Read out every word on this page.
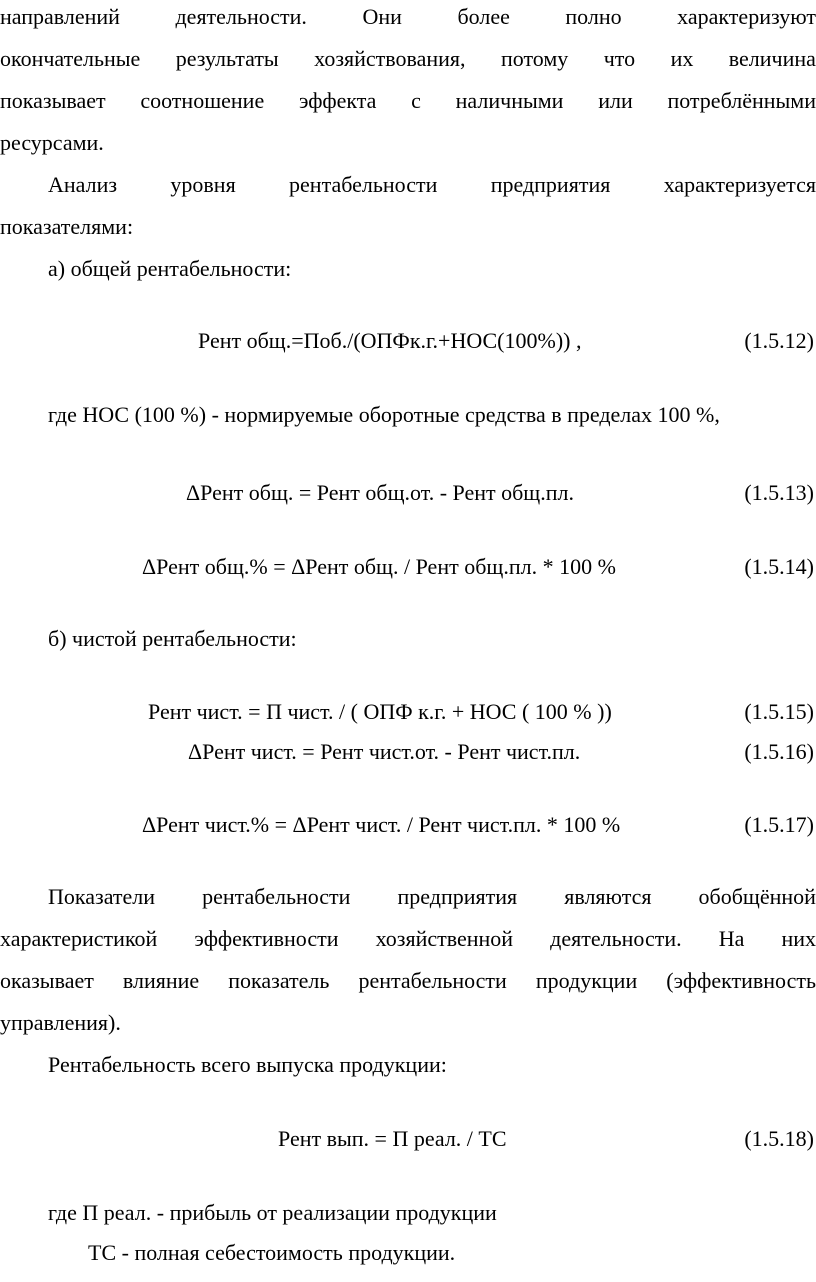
направлений	деятельности.	Они	более	полно	характеризуют
окончательные результаты хозяйствования, потому что их величина
показывает соотношение эффекта с наличными или потреблёнными
ресурсами.
Анализ уровня рентабельности предприятия характеризуется
показателями:
а) общей рентабельности:
Рент общ.=Поб./(ОПФк.г.+НОС(100%)) ,	(1.5.12)
где НОС (100 %) - нормируемые оборотные средства в пределах 100 %,
ΔРент общ. = Рент общ.от. - Рент общ.пл.	(1.5.13)
ΔРент общ.% = ΔРент общ. / Рент общ.пл. * 100 %	(1.5.14)
б) чистой рентабельности:
Рент чист. = П чист. / ( ОПФ к.г. + НОС ( 100 % ))	(1.5.15)
ΔРент чист. = Рент чист.от. - Рент чист.пл.	(1.5.16)
ΔРент чист.% = ΔРент чист. / Рент чист.пл. * 100 %	(1.5.17)
Показатели рентабельности предприятия являются обобщённой
характеристикой эффективности хозяйственной деятельности. На них
оказывает влияние показатель рентабельности продукции (эффективность
управления).
Рентабельность всего выпуска продукции:
Рент вып. = П реал. / ТС	(1.5.18)
где П реал. - прибыль от реализации продукции
ТС - полная себестоимость продукции.
